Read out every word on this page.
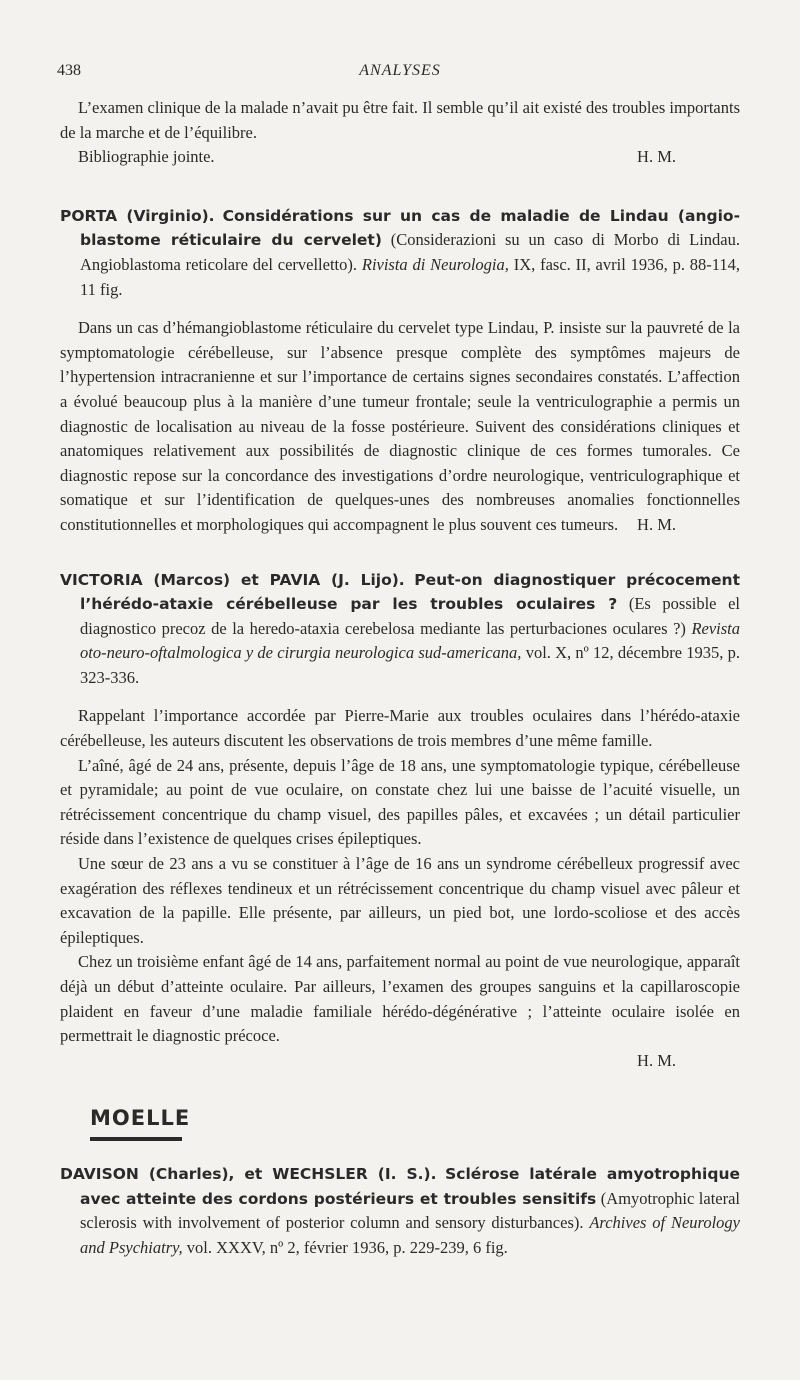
438	ANALYSES

L’examen clinique de la malade n’avait pu être fait. Il semble qu’il ait existé des troubles importants de la marche et de l’équilibre.

Bibliographie jointe.	H. M.

PORTA (Virginio). Considérations sur un cas de maladie de Lindau (angio-blastome réticulaire du cervelet) (Considerazioni su un caso di Morbo di Lindau. Angioblastoma reticolare del cervelletto). Rivista di Neurologia, IX, fasc. II, avril 1936, p. 88-114, 11 fig.

Dans un cas d’hémangioblastome réticulaire du cervelet type Lindau, P. insiste sur la pauvreté de la symptomatologie cérébelleuse, sur l’absence presque complète des symptômes majeurs de l’hypertension intracranienne et sur l’importance de certains signes secondaires constatés. L’affection a évolué beaucoup plus à la manière d’une tumeur frontale; seule la ventriculographie a permis un diagnostic de localisation au niveau de la fosse postérieure. Suivent des considérations cliniques et anatomiques relativement aux possibilités de diagnostic clinique de ces formes tumorales. Ce diagnostic repose sur la concordance des investigations d’ordre neurologique, ventriculographique et somatique et sur l’identification de quelques-unes des nombreuses anomalies fonctionnelles constitutionnelles et morphologiques qui accompagnent le plus souvent ces tumeurs.	H. M.

VICTORIA (Marcos) et PAVIA (J. Lijo). Peut-on diagnostiquer précocement l’hérédo-ataxie cérébelleuse par les troubles oculaires ? (Es possible el diagnostico precoz de la heredo-ataxia cerebelosa mediante las perturbaciones oculares ?) Revista oto-neuro-oftalmologica y de cirurgia neurologica sud-americana, vol. X, nº 12, décembre 1935, p. 323-336.

Rappelant l’importance accordée par Pierre-Marie aux troubles oculaires dans l’hérédo-ataxie cérébelleuse, les auteurs discutent les observations de trois membres d’une même famille.

L’aîné, âgé de 24 ans, présente, depuis l’âge de 18 ans, une symptomatologie typique, cérébelleuse et pyramidale; au point de vue oculaire, on constate chez lui une baisse de l’acuité visuelle, un rétrécissement concentrique du champ visuel, des papilles pâles, et excavées ; un détail particulier réside dans l’existence de quelques crises épileptiques.

Une sœur de 23 ans a vu se constituer à l’âge de 16 ans un syndrome cérébelleux progressif avec exagération des réflexes tendineux et un rétrécissement concentrique du champ visuel avec pâleur et excavation de la papille. Elle présente, par ailleurs, un pied bot, une lordo-scoliose et des accès épileptiques.

Chez un troisième enfant âgé de 14 ans, parfaitement normal au point de vue neurologique, apparaît déjà un début d’atteinte oculaire. Par ailleurs, l’examen des groupes sanguins et la capillaroscopie plaident en faveur d’une maladie familiale hérédo-dégénérative ; l’atteinte oculaire isolée en permettrait le diagnostic précoce.

H. M.
MOELLE

DAVISON (Charles), et WECHSLER (I. S.). Sclérose latérale amyotrophique avec atteinte des cordons postérieurs et troubles sensitifs (Amyotrophic lateral sclerosis with involvement of posterior column and sensory disturbances). Archives of Neurology and Psychiatry, vol. XXXV, nº 2, février 1936, p. 229-239, 6 fig.
